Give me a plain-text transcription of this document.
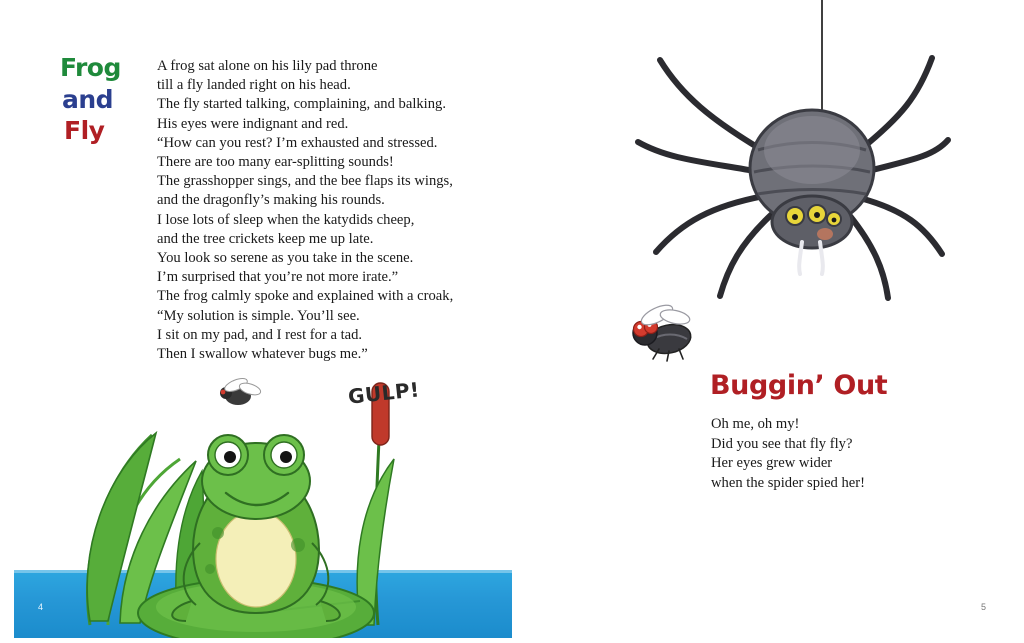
Frog
and
Fly
A frog sat alone on his lily pad throne
till a fly landed right on his head.
The fly started talking, complaining, and balking.
His eyes were indignant and red.
“How can you rest? I’m exhausted and stressed.
There are too many ear-splitting sounds!
The grasshopper sings, and the bee flaps its wings,
and the dragonfly’s making his rounds.
I lose lots of sleep when the katydids cheep,
and the tree crickets keep me up late.
You look so serene as you take in the scene.
I’m surprised that you’re not more irate.”
The frog calmly spoke and explained with a croak,
“My solution is simple. You’ll see.
I sit on my pad, and I rest for a tad.
Then I swallow whatever bugs me.”
GULP!
4
Buggin’ Out
Oh me, oh my!
Did you see that fly fly?
Her eyes grew wider
when the spider spied her!
5
